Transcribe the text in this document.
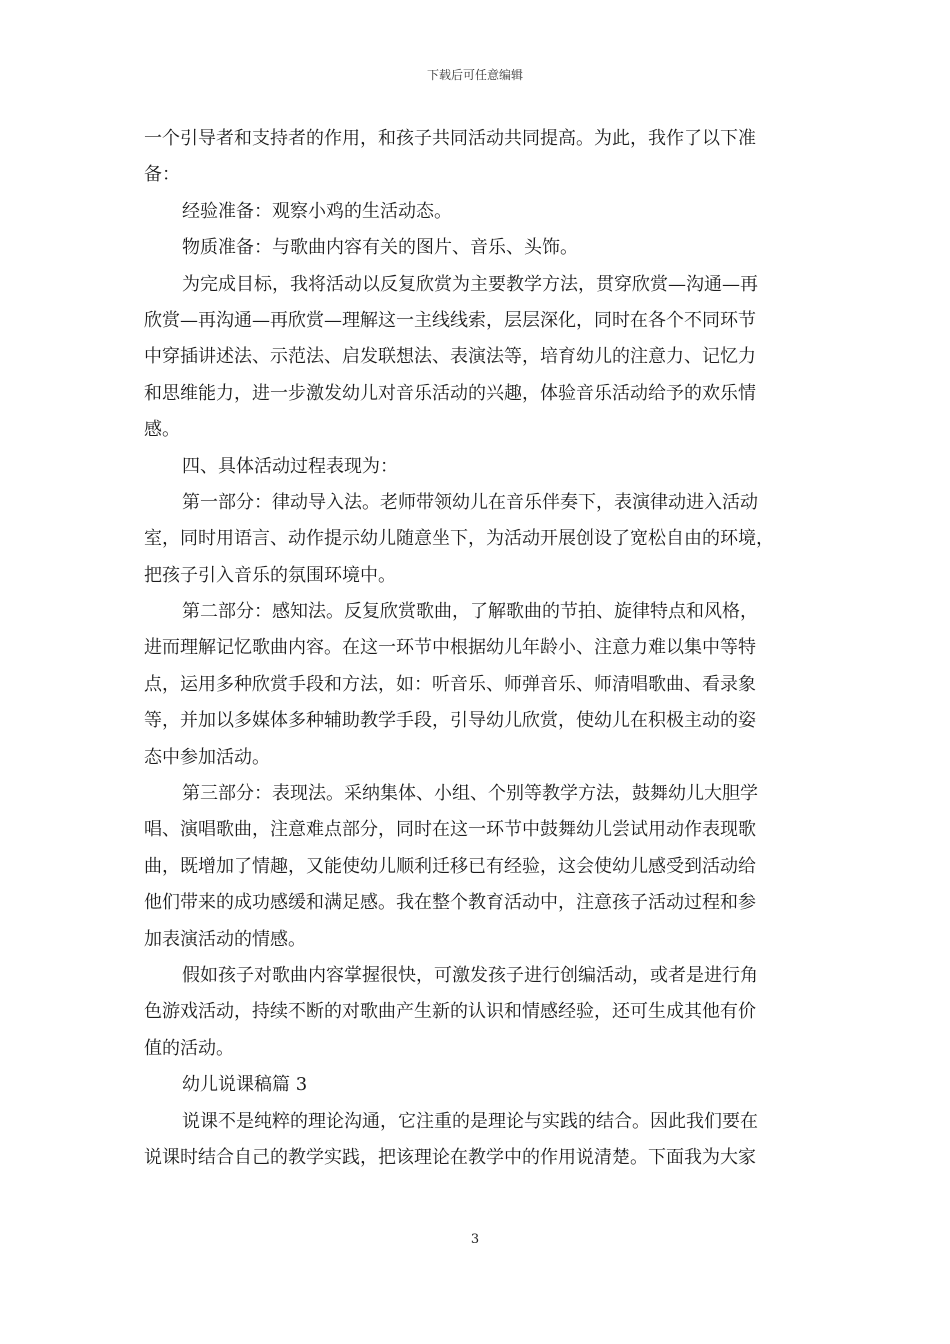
下载后可任意编辑
一个引导者和支持者的作用，和孩子共同活动共同提高。为此，我作了以下准
备：
经验准备：观察小鸡的生活动态。
物质准备：与歌曲内容有关的图片、音乐、头饰。
为完成目标，我将活动以反复欣赏为主要教学方法，贯穿欣赏—沟通—再
欣赏—再沟通—再欣赏—理解这一主线线索，层层深化，同时在各个不同环节
中穿插讲述法、示范法、启发联想法、表演法等，培育幼儿的注意力、记忆力
和思维能力，进一步激发幼儿对音乐活动的兴趣，体验音乐活动给予的欢乐情
感。
四、具体活动过程表现为：
第一部分：律动导入法。老师带领幼儿在音乐伴奏下，表演律动进入活动
室，同时用语言、动作提示幼儿随意坐下，为活动开展创设了宽松自由的环境，
把孩子引入音乐的氛围环境中。
第二部分：感知法。反复欣赏歌曲，了解歌曲的节拍、旋律特点和风格，
进而理解记忆歌曲内容。在这一环节中根据幼儿年龄小、注意力难以集中等特
点，运用多种欣赏手段和方法，如：听音乐、师弹音乐、师清唱歌曲、看录象
等，并加以多媒体多种辅助教学手段，引导幼儿欣赏，使幼儿在积极主动的姿
态中参加活动。
第三部分：表现法。采纳集体、小组、个别等教学方法，鼓舞幼儿大胆学
唱、演唱歌曲，注意难点部分，同时在这一环节中鼓舞幼儿尝试用动作表现歌
曲，既增加了情趣，又能使幼儿顺利迁移已有经验，这会使幼儿感受到活动给
他们带来的成功感缓和满足感。我在整个教育活动中，注意孩子活动过程和参
加表演活动的情感。
假如孩子对歌曲内容掌握很快，可激发孩子进行创编活动，或者是进行角
色游戏活动，持续不断的对歌曲产生新的认识和情感经验，还可生成其他有价
值的活动。
幼儿说课稿篇 3
说课不是纯粹的理论沟通，它注重的是理论与实践的结合。因此我们要在
说课时结合自己的教学实践，把该理论在教学中的作用说清楚。下面我为大家
3
